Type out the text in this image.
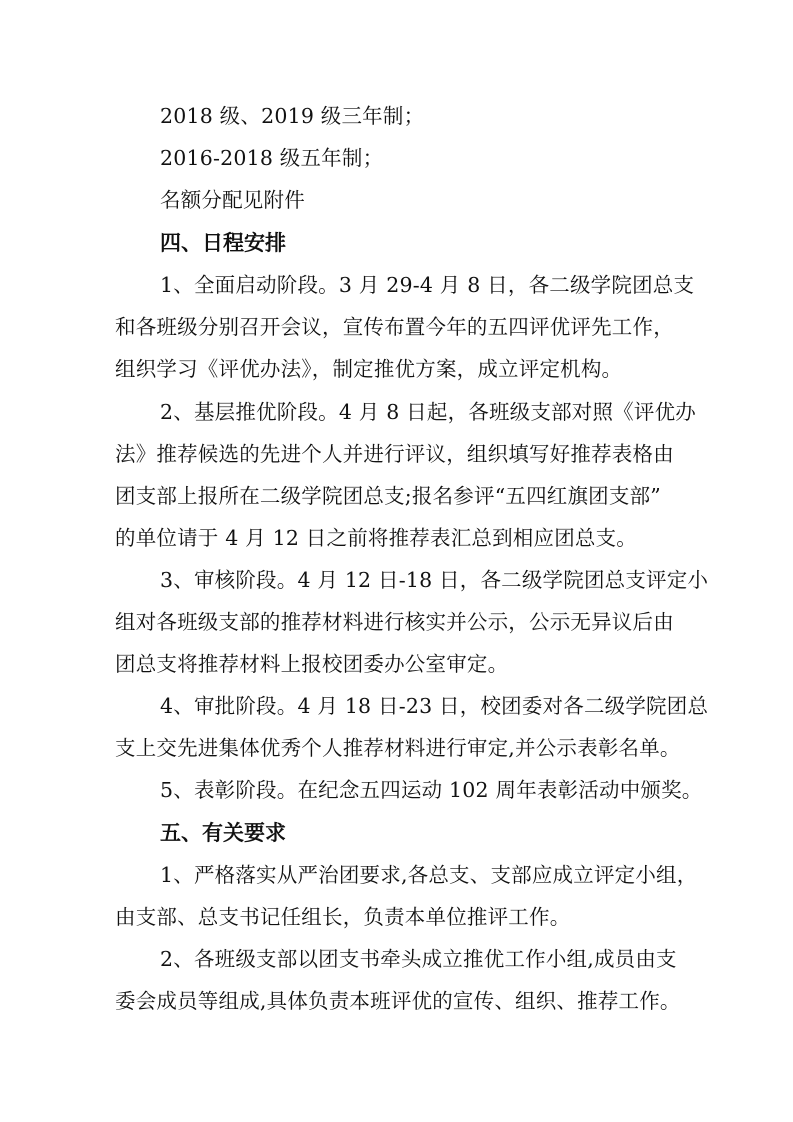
2018 级、2019 级三年制；
2016-2018 级五年制；
名额分配见附件
四、日程安排
1、全面启动阶段。3 月 29-4 月 8 日，各二级学院团总支
和各班级分别召开会议，宣传布置今年的五四评优评先工作，
组织学习《评优办法》，制定推优方案，成立评定机构。
2、基层推优阶段。4 月 8 日起，各班级支部对照《评优办
法》推荐候选的先进个人并进行评议，组织填写好推荐表格由
团支部上报所在二级学院团总支;报名参评“五四红旗团支部”
的单位请于 4 月 12 日之前将推荐表汇总到相应团总支。
3、审核阶段。4 月 12 日-18 日，各二级学院团总支评定小
组对各班级支部的推荐材料进行核实并公示，公示无异议后由
团总支将推荐材料上报校团委办公室审定。
4、审批阶段。4 月 18 日-23 日，校团委对各二级学院团总
支上交先进集体优秀个人推荐材料进行审定,并公示表彰名单。
5、表彰阶段。在纪念五四运动 102 周年表彰活动中颁奖。
五、有关要求
1、严格落实从严治团要求,各总支、支部应成立评定小组，
由支部、总支书记任组长，负责本单位推评工作。
2、各班级支部以团支书牵头成立推优工作小组,成员由支
委会成员等组成,具体负责本班评优的宣传、组织、推荐工作。
